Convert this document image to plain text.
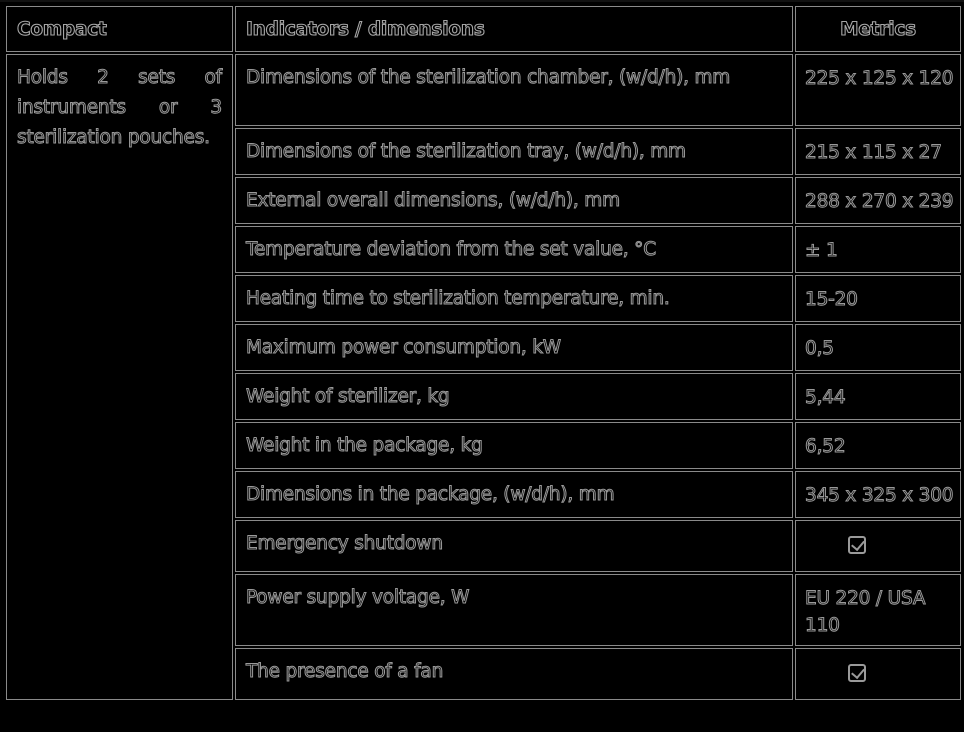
Compact	Indicators / dimensions	Metrics
Holds 2 sets of instruments or 3 sterilization pouches.	Dimensions of the sterilization chamber, (w/d/h), mm	225 x 125 x 120
	Dimensions of the sterilization tray, (w/d/h), mm	215 x 115 x 27
	External overall dimensions, (w/d/h), mm	288 x 270 x 239
	Temperature deviation from the set value, °C	± 1
	Heating time to sterilization temperature, min.	15-20
	Maximum power consumption, kW	0,5
	Weight of sterilizer, kg	5,44
	Weight in the package, kg	6,52
	Dimensions in the package, (w/d/h), mm	345 x 325 x 300
	Emergency shutdown	
	Power supply voltage, W	EU 220 / USA 110
	The presence of a fan	
